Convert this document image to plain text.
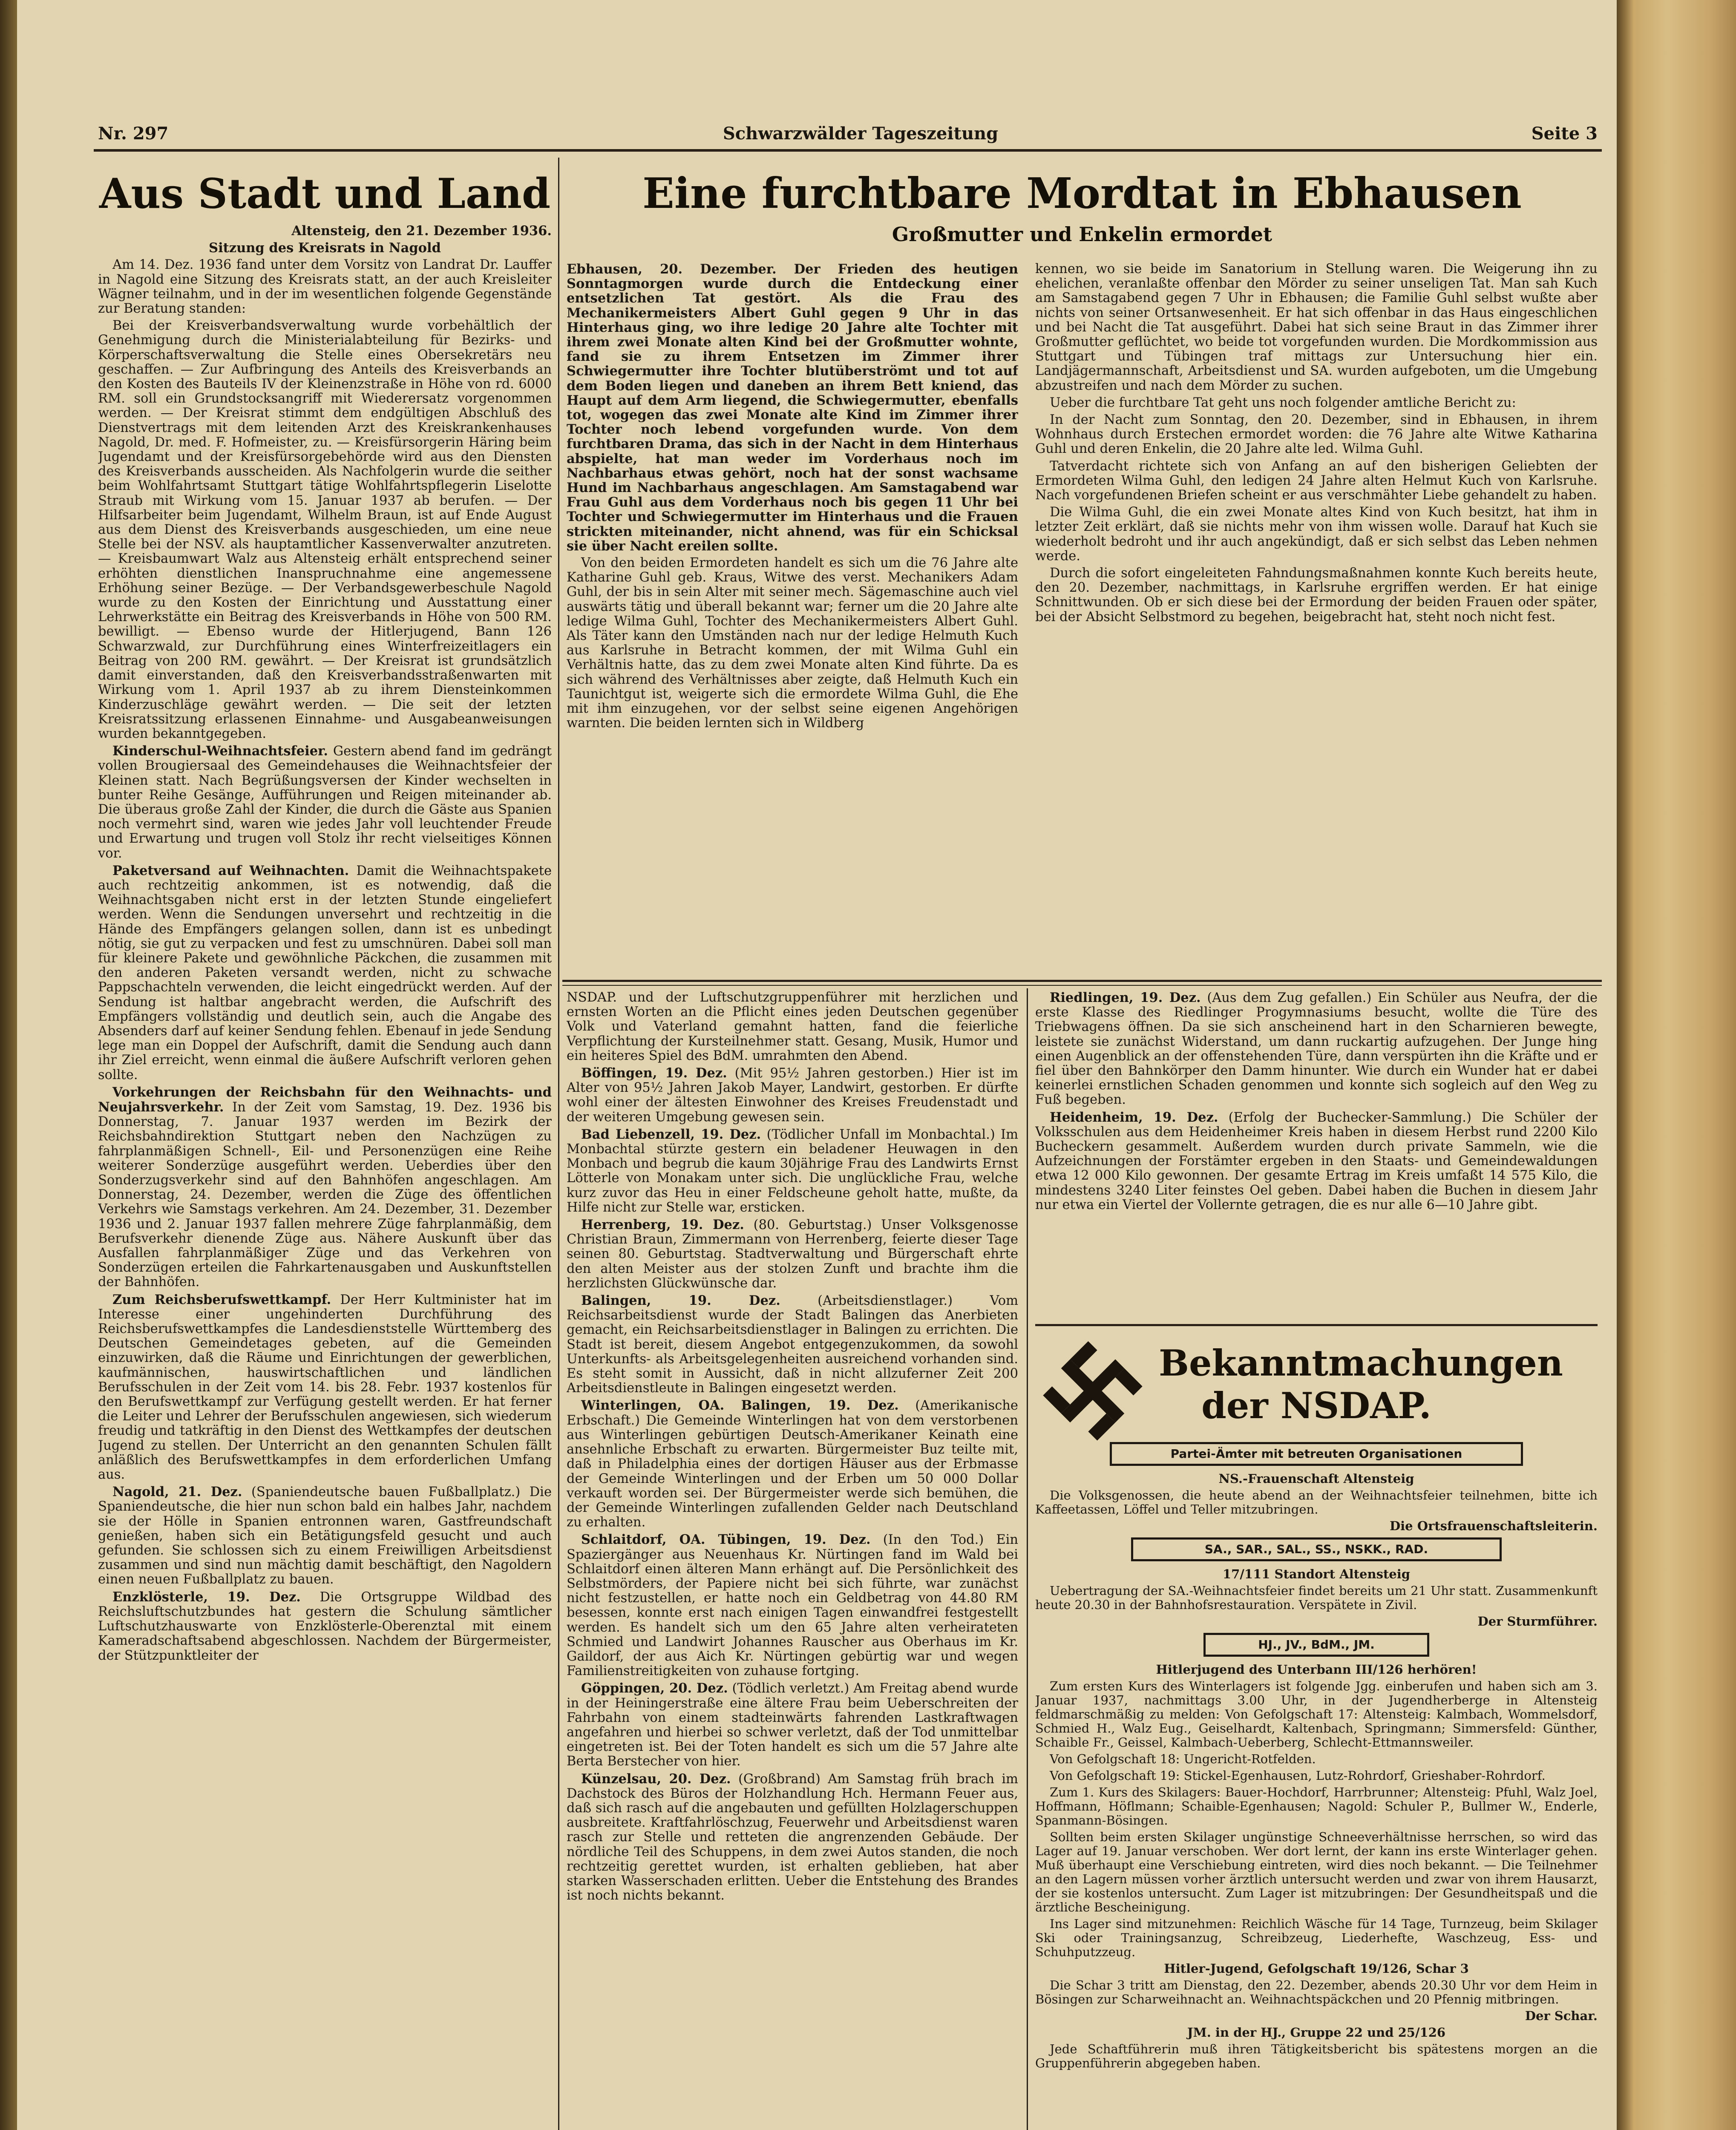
Nr. 297	Schwarzwälder Tageszeitung	Seite 3
Aus Stadt und Land

Altensteig, den 21. Dezember 1936.

Sitzung des Kreisrats in Nagold

Am 14. Dez. 1936 fand unter dem Vorsitz von Landrat Dr. Lauffer in Nagold eine Sitzung des Kreisrats statt, an der auch Kreisleiter Wägner teilnahm, und in der im wesentlichen folgende Gegenstände zur Beratung standen:

Bei der Kreisverbandsverwaltung wurde vorbehältlich der Genehmigung durch die Ministerialabteilung für Bezirks- und Körperschaftsverwaltung die Stelle eines Obersekretärs neu geschaffen. — Zur Aufbringung des Anteils des Kreisverbands an den Kosten des Bauteils IV der Kleinenzstraße in Höhe von rd. 6000 RM. soll ein Grundstocksangriff mit Wiederersatz vorgenommen werden. — Der Kreisrat stimmt dem endgültigen Abschluß des Dienstvertrags mit dem leitenden Arzt des Kreiskrankenhauses Nagold, Dr. med. F. Hofmeister, zu. — Kreisfürsorgerin Häring beim Jugendamt und der Kreisfürsorgebehörde wird aus den Diensten des Kreisverbands ausscheiden. Als Nachfolgerin wurde die seither beim Wohlfahrtsamt Stuttgart tätige Wohlfahrtspflegerin Liselotte Straub mit Wirkung vom 15. Januar 1937 ab berufen. — Der Hilfsarbeiter beim Jugendamt, Wilhelm Braun, ist auf Ende August aus dem Dienst des Kreisverbands ausgeschieden, um eine neue Stelle bei der NSV. als hauptamtlicher Kassenverwalter anzutreten. — Kreisbaumwart Walz aus Altensteig erhält entsprechend seiner erhöhten dienstlichen Inanspruchnahme eine angemessene Erhöhung seiner Bezüge. — Der Verbandsgewerbeschule Nagold wurde zu den Kosten der Einrichtung und Ausstattung einer Lehrwerkstätte ein Beitrag des Kreisverbands in Höhe von 500 RM. bewilligt. — Ebenso wurde der Hitlerjugend, Bann 126 Schwarzwald, zur Durchführung eines Winterfreizeitlagers ein Beitrag von 200 RM. gewährt. — Der Kreisrat ist grundsätzlich damit einverstanden, daß den Kreisverbandsstraßenwarten mit Wirkung vom 1. April 1937 ab zu ihrem Diensteinkommen Kinderzuschläge gewährt werden. — Die seit der letzten Kreisratssitzung erlassenen Einnahme- und Ausgabeanweisungen wurden bekanntgegeben.

Kinderschul-Weihnachtsfeier. Gestern abend fand im gedrängt vollen Brougiersaal des Gemeindehauses die Weihnachtsfeier der Kleinen statt. Nach Begrüßungsversen der Kinder wechselten in bunter Reihe Gesänge, Aufführungen und Reigen miteinander ab. Die überaus große Zahl der Kinder, die durch die Gäste aus Spanien noch vermehrt sind, waren wie jedes Jahr voll leuchtender Freude und Erwartung und trugen voll Stolz ihr recht vielseitiges Können vor.

Paketversand auf Weihnachten. Damit die Weihnachtspakete auch rechtzeitig ankommen, ist es notwendig, daß die Weihnachtsgaben nicht erst in der letzten Stunde eingeliefert werden. Wenn die Sendungen unversehrt und rechtzeitig in die Hände des Empfängers gelangen sollen, dann ist es unbedingt nötig, sie gut zu verpacken und fest zu umschnüren. Dabei soll man für kleinere Pakete und gewöhnliche Päckchen, die zusammen mit den anderen Paketen versandt werden, nicht zu schwache Pappschachteln verwenden, die leicht eingedrückt werden. Auf der Sendung ist haltbar angebracht werden, die Aufschrift des Empfängers vollständig und deutlich sein, auch die Angabe des Absenders darf auf keiner Sendung fehlen. Ebenauf in jede Sendung lege man ein Doppel der Aufschrift, damit die Sendung auch dann ihr Ziel erreicht, wenn einmal die äußere Aufschrift verloren gehen sollte.

Vorkehrungen der Reichsbahn für den Weihnachts- und Neujahrsverkehr. In der Zeit vom Samstag, 19. Dez. 1936 bis Donnerstag, 7. Januar 1937 werden im Bezirk der Reichsbahndirektion Stuttgart neben den Nachzügen zu fahrplanmäßigen Schnell-, Eil- und Personenzügen eine Reihe weiterer Sonderzüge ausgeführt werden. Ueberdies über den Sonderzugsverkehr sind auf den Bahnhöfen angeschlagen. Am Donnerstag, 24. Dezember, werden die Züge des öffentlichen Verkehrs wie Samstags verkehren. Am 24. Dezember, 31. Dezember 1936 und 2. Januar 1937 fallen mehrere Züge fahrplanmäßig, dem Berufsverkehr dienende Züge aus. Nähere Auskunft über das Ausfallen fahrplanmäßiger Züge und das Verkehren von Sonderzügen erteilen die Fahrkartenausgaben und Auskunftstellen der Bahnhöfen.

Zum Reichsberufswettkampf. Der Herr Kultminister hat im Interesse einer ungehinderten Durchführung des Reichsberufswettkampfes die Landesdienststelle Württemberg des Deutschen Gemeindetages gebeten, auf die Gemeinden einzuwirken, daß die Räume und Einrichtungen der gewerblichen, kaufmännischen, hauswirtschaftlichen und ländlichen Berufsschulen in der Zeit vom 14. bis 28. Febr. 1937 kostenlos für den Berufswettkampf zur Verfügung gestellt werden. Er hat ferner die Leiter und Lehrer der Berufsschulen angewiesen, sich wiederum freudig und tatkräftig in den Dienst des Wettkampfes der deutschen Jugend zu stellen. Der Unterricht an den genannten Schulen fällt anläßlich des Berufswettkampfes in dem erforderlichen Umfang aus.

Nagold, 21. Dez. (Spaniendeutsche bauen Fußballplatz.) Die Spaniendeutsche, die hier nun schon bald ein halbes Jahr, nachdem sie der Hölle in Spanien entronnen waren, Gastfreundschaft genießen, haben sich ein Betätigungsfeld gesucht und auch gefunden. Sie schlossen sich zu einem Freiwilligen Arbeitsdienst zusammen und sind nun mächtig damit beschäftigt, den Nagoldern einen neuen Fußballplatz zu bauen.

Enzklösterle, 19. Dez. Die Ortsgruppe Wildbad des Reichsluftschutzbundes hat gestern die Schulung sämtlicher Luftschutzhauswarte von Enzklösterle-Oberenztal mit einem Kameradschaftsabend abgeschlossen. Nachdem der Bürgermeister, der Stützpunktleiter der

Eine furchtbare Mordtat in Ebhausen
Großmutter und Enkelin ermordet

Ebhausen, 20. Dezember. Der Frieden des heutigen Sonntagmorgen wurde durch die Entdeckung einer entsetzlichen Tat gestört. Als die Frau des Mechanikermeisters Albert Guhl gegen 9 Uhr in das Hinterhaus ging, wo ihre ledige 20 Jahre alte Tochter mit ihrem zwei Monate alten Kind bei der Großmutter wohnte, fand sie zu ihrem Entsetzen im Zimmer ihrer Schwiegermutter ihre Tochter blutüberströmt und tot auf dem Boden liegen und daneben an ihrem Bett kniend, das Haupt auf dem Arm liegend, die Schwiegermutter, ebenfalls tot, wogegen das zwei Monate alte Kind im Zimmer ihrer Tochter noch lebend vorgefunden wurde. Von dem furchtbaren Drama, das sich in der Nacht in dem Hinterhaus abspielte, hat man weder im Vorderhaus noch im Nachbarhaus etwas gehört, noch hat der sonst wachsame Hund im Nachbarhaus angeschlagen. Am Samstagabend war Frau Guhl aus dem Vorderhaus noch bis gegen 11 Uhr bei Tochter und Schwiegermutter im Hinterhaus und die Frauen strickten miteinander, nicht ahnend, was für ein Schicksal sie über Nacht ereilen sollte.

Von den beiden Ermordeten handelt es sich um die 76 Jahre alte Katharine Guhl geb. Kraus, Witwe des verst. Mechanikers Adam Guhl, der bis in sein Alter mit seiner mech. Sägemaschine auch viel auswärts tätig und überall bekannt war; ferner um die 20 Jahre alte ledige Wilma Guhl, Tochter des Mechanikermeisters Albert Guhl. Als Täter kann den Umständen nach nur der ledige Helmuth Kuch aus Karlsruhe in Betracht kommen, der mit Wilma Guhl ein Verhältnis hatte, das zu dem zwei Monate alten Kind führte. Da es sich während des Verhältnisses aber zeigte, daß Helmuth Kuch ein Taunichtgut ist, weigerte sich die ermordete Wilma Guhl, die Ehe mit ihm einzugehen, vor der selbst seine eigenen Angehörigen warnten. Die beiden lernten sich in Wildberg

kennen, wo sie beide im Sanatorium in Stellung waren. Die Weigerung ihn zu ehelichen, veranlaßte offenbar den Mörder zu seiner unseligen Tat. Man sah Kuch am Samstagabend gegen 7 Uhr in Ebhausen; die Familie Guhl selbst wußte aber nichts von seiner Ortsanwesenheit. Er hat sich offenbar in das Haus eingeschlichen und bei Nacht die Tat ausgeführt. Dabei hat sich seine Braut in das Zimmer ihrer Großmutter geflüchtet, wo beide tot vorgefunden wurden. Die Mordkommission aus Stuttgart und Tübingen traf mittags zur Untersuchung hier ein. Landjägermannschaft, Arbeitsdienst und SA. wurden aufgeboten, um die Umgebung abzustreifen und nach dem Mörder zu suchen.

Ueber die furchtbare Tat geht uns noch folgender amtliche Bericht zu:

In der Nacht zum Sonntag, den 20. Dezember, sind in Ebhausen, in ihrem Wohnhaus durch Erstechen ermordet worden: die 76 Jahre alte Witwe Katharina Guhl und deren Enkelin, die 20 Jahre alte led. Wilma Guhl.

Tatverdacht richtete sich von Anfang an auf den bisherigen Geliebten der Ermordeten Wilma Guhl, den ledigen 24 Jahre alten Helmut Kuch von Karlsruhe. Nach vorgefundenen Briefen scheint er aus verschmähter Liebe gehandelt zu haben.

Die Wilma Guhl, die ein zwei Monate altes Kind von Kuch besitzt, hat ihm in letzter Zeit erklärt, daß sie nichts mehr von ihm wissen wolle. Darauf hat Kuch sie wiederholt bedroht und ihr auch angekündigt, daß er sich selbst das Leben nehmen werde.

Durch die sofort eingeleiteten Fahndungsmaßnahmen konnte Kuch bereits heute, den 20. Dezember, nachmittags, in Karlsruhe ergriffen werden. Er hat einige Schnittwunden. Ob er sich diese bei der Ermordung der beiden Frauen oder später, bei der Absicht Selbstmord zu begehen, beigebracht hat, steht noch nicht fest.

NSDAP. und der Luftschutzgruppenführer mit herzlichen und ernsten Worten an die Pflicht eines jeden Deutschen gegenüber Volk und Vaterland gemahnt hatten, fand die feierliche Verpflichtung der Kursteilnehmer statt. Gesang, Musik, Humor und ein heiteres Spiel des BdM. umrahmten den Abend.

Böffingen, 19. Dez. (Mit 95½ Jahren gestorben.) Hier ist im Alter von 95½ Jahren Jakob Mayer, Landwirt, gestorben. Er dürfte wohl einer der ältesten Einwohner des Kreises Freudenstadt und der weiteren Umgebung gewesen sein.

Bad Liebenzell, 19. Dez. (Tödlicher Unfall im Monbachtal.) Im Monbachtal stürzte gestern ein beladener Heuwagen in den Monbach und begrub die kaum 30jährige Frau des Landwirts Ernst Lötterle von Monakam unter sich. Die unglückliche Frau, welche kurz zuvor das Heu in einer Feldscheune geholt hatte, mußte, da Hilfe nicht zur Stelle war, ersticken.

Herrenberg, 19. Dez. (80. Geburtstag.) Unser Volksgenosse Christian Braun, Zimmermann von Herrenberg, feierte dieser Tage seinen 80. Geburtstag. Stadtverwaltung und Bürgerschaft ehrte den alten Meister aus der stolzen Zunft und brachte ihm die herzlichsten Glückwünsche dar.

Balingen, 19. Dez.	(Arbeitsdienstlager.) Vom Reichsarbeitsdienst wurde der Stadt Balingen das Anerbieten gemacht, ein Reichsarbeitsdienstlager in Balingen zu errichten. Die Stadt ist bereit, diesem Angebot entgegenzukommen, da sowohl Unterkunfts- als Arbeitsgelegenheiten ausreichend vorhanden sind. Es steht somit in Aussicht, daß in nicht allzuferner Zeit 200 Arbeitsdienstleute in Balingen eingesetzt werden.

Winterlingen, OA. Balingen, 19. Dez. (Amerikanische Erbschaft.) Die Gemeinde Winterlingen hat von dem verstorbenen aus Winterlingen gebürtigen Deutsch-Amerikaner Keinath eine ansehnliche Erbschaft zu erwarten. Bürgermeister Buz teilte mit, daß in Philadelphia eines der dortigen Häuser aus der Erbmasse der Gemeinde Winterlingen und der Erben um 50 000 Dollar verkauft worden sei. Der Bürgermeister werde sich bemühen, die der Gemeinde Winterlingen zufallenden Gelder nach Deutschland zu erhalten.

Schlaitdorf, OA. Tübingen, 19. Dez. (In den Tod.) Ein Spaziergänger aus Neuenhaus Kr. Nürtingen fand im Wald bei Schlaitdorf einen älteren Mann erhängt auf. Die Persönlichkeit des Selbstmörders, der Papiere nicht bei sich führte, war zunächst nicht festzustellen, er hatte noch ein Geldbetrag von 44.80 RM besessen, konnte erst nach einigen Tagen einwandfrei festgestellt werden. Es handelt sich um den 65 Jahre alten verheirateten Schmied und Landwirt Johannes Rauscher aus Oberhaus im Kr. Gaildorf, der aus Aich Kr. Nürtingen gebürtig war und wegen Familienstreitigkeiten von zuhause fortging.

Göppingen, 20. Dez. (Tödlich verletzt.) Am Freitag abend wurde in der Heiningerstraße eine ältere Frau beim Ueberschreiten der Fahrbahn von einem stadteinwärts fahrenden Lastkraftwagen angefahren und hierbei so schwer verletzt, daß der Tod unmittelbar eingetreten ist. Bei der Toten handelt es sich um die 57 Jahre alte Berta Berstecher von hier.

Künzelsau, 20. Dez. (Großbrand) Am Samstag früh brach im Dachstock des Büros der Holzhandlung Hch. Hermann Feuer aus, daß sich rasch auf die angebauten und gefüllten Holzlagerschuppen ausbreitete. Kraftfahrlöschzug, Feuerwehr und Arbeitsdienst waren rasch zur Stelle und retteten die angrenzenden Gebäude. Der nördliche Teil des Schuppens, in dem zwei Autos standen, die noch rechtzeitig gerettet wurden, ist erhalten geblieben, hat aber starken Wasserschaden erlitten. Ueber die Entstehung des Brandes ist noch nichts bekannt.

Riedlingen, 19. Dez. (Aus dem Zug gefallen.) Ein Schüler aus Neufra, der die erste Klasse des Riedlinger Progymnasiums besucht, wollte die Türe des Triebwagens öffnen. Da sie sich anscheinend hart in den Scharnieren bewegte, leistete sie zunächst Widerstand, um dann ruckartig aufzugehen. Der Junge hing einen Augenblick an der offenstehenden Türe, dann verspürten ihn die Kräfte und er fiel über den Bahnkörper den Damm hinunter. Wie durch ein Wunder hat er dabei keinerlei ernstlichen Schaden genommen und konnte sich sogleich auf den Weg zu Fuß begeben.

Heidenheim, 19. Dez. (Erfolg der Buchecker-Sammlung.) Die Schüler der Volksschulen aus dem Heidenheimer Kreis haben in diesem Herbst rund 2200 Kilo Bucheckern gesammelt. Außerdem wurden durch private Sammeln, wie die Aufzeichnungen der Forstämter ergeben in den Staats- und Gemeindewaldungen etwa 12 000 Kilo gewonnen. Der gesamte Ertrag im Kreis umfaßt 14 575 Kilo, die mindestens 3240 Liter feinstes Oel geben. Dabei haben die Buchen in diesem Jahr nur etwa ein Viertel der Vollernte getragen, die es nur alle 6—10 Jahre gibt.

Bekanntmachungen der NSDAP.
Partei-Ämter mit betreuten Organisationen

NS.-Frauenschaft Altensteig

Die Volksgenossen, die heute abend an der Weihnachtsfeier teilnehmen, bitte ich Kaffeetassen, Löffel und Teller mitzubringen.

Die Ortsfrauenschaftsleiterin.

SA., SAR., SAL., SS., NSKK., RAD.

17/111 Standort Altensteig

Uebertragung der SA.-Weihnachtsfeier findet bereits um 21 Uhr statt. Zusammenkunft heute 20.30 in der Bahnhofsrestauration. Verspätete in Zivil.

Der Sturmführer.

HJ., JV., BdM., JM.

Hitlerjugend des Unterbann III/126 herhören!

Zum ersten Kurs des Winterlagers ist folgende Jgg. einberufen und haben sich am 3. Januar 1937, nachmittags 3.00 Uhr, in der Jugendherberge in Altensteig feldmarschmäßig zu melden: Von Gefolgschaft 17: Altensteig: Kalmbach, Wommelsdorf, Schmied H., Walz Eug., Geiselhardt, Kaltenbach, Springmann; Simmersfeld: Günther, Schaible Fr., Geissel, Kalmbach-Ueberberg, Schlecht-Ettmannsweiler.

Von Gefolgschaft 18: Ungericht-Rotfelden.

Von Gefolgschaft 19: Stickel-Egenhausen, Lutz-Rohrdorf, Grieshaber-Rohrdorf.

Zum 1. Kurs des Skilagers: Bauer-Hochdorf, Harrbrunner; Altensteig: Pfuhl, Walz Joel, Hoffmann, Höflmann; Schaible-Egenhausen; Nagold: Schuler P., Bullmer W., Enderle, Spanmann-Bösingen.

Sollten beim ersten Skilager ungünstige Schneeverhältnisse herrschen, so wird das Lager auf 19. Januar verschoben. Wer dort lernt, der kann ins erste Winterlager gehen. Muß überhaupt eine Verschiebung eintreten, wird dies noch bekannt. — Die Teilnehmer an den Lagern müssen vorher ärztlich untersucht werden und zwar von ihrem Hausarzt, der sie kostenlos untersucht. Zum Lager ist mitzubringen: Der Gesundheitspaß und die ärztliche Bescheinigung.

Ins Lager sind mitzunehmen: Reichlich Wäsche für 14 Tage, Turnzeug, beim Skilager Ski oder Trainingsanzug, Schreibzeug, Liederhefte, Waschzeug, Ess- und Schuhputzzeug.

Hitler-Jugend, Gefolgschaft 19/126, Schar 3

Die Schar 3 tritt am Dienstag, den 22. Dezember, abends 20.30 Uhr vor dem Heim in Bösingen zur Scharweihnacht an. Weihnachtspäckchen und 20 Pfennig mitbringen.

Der Schar.

JM. in der HJ., Gruppe 22 und 25/126

Jede Schaftführerin muß ihren Tätigkeitsbericht bis spätestens morgen an die Gruppenführerin abgegeben haben.
